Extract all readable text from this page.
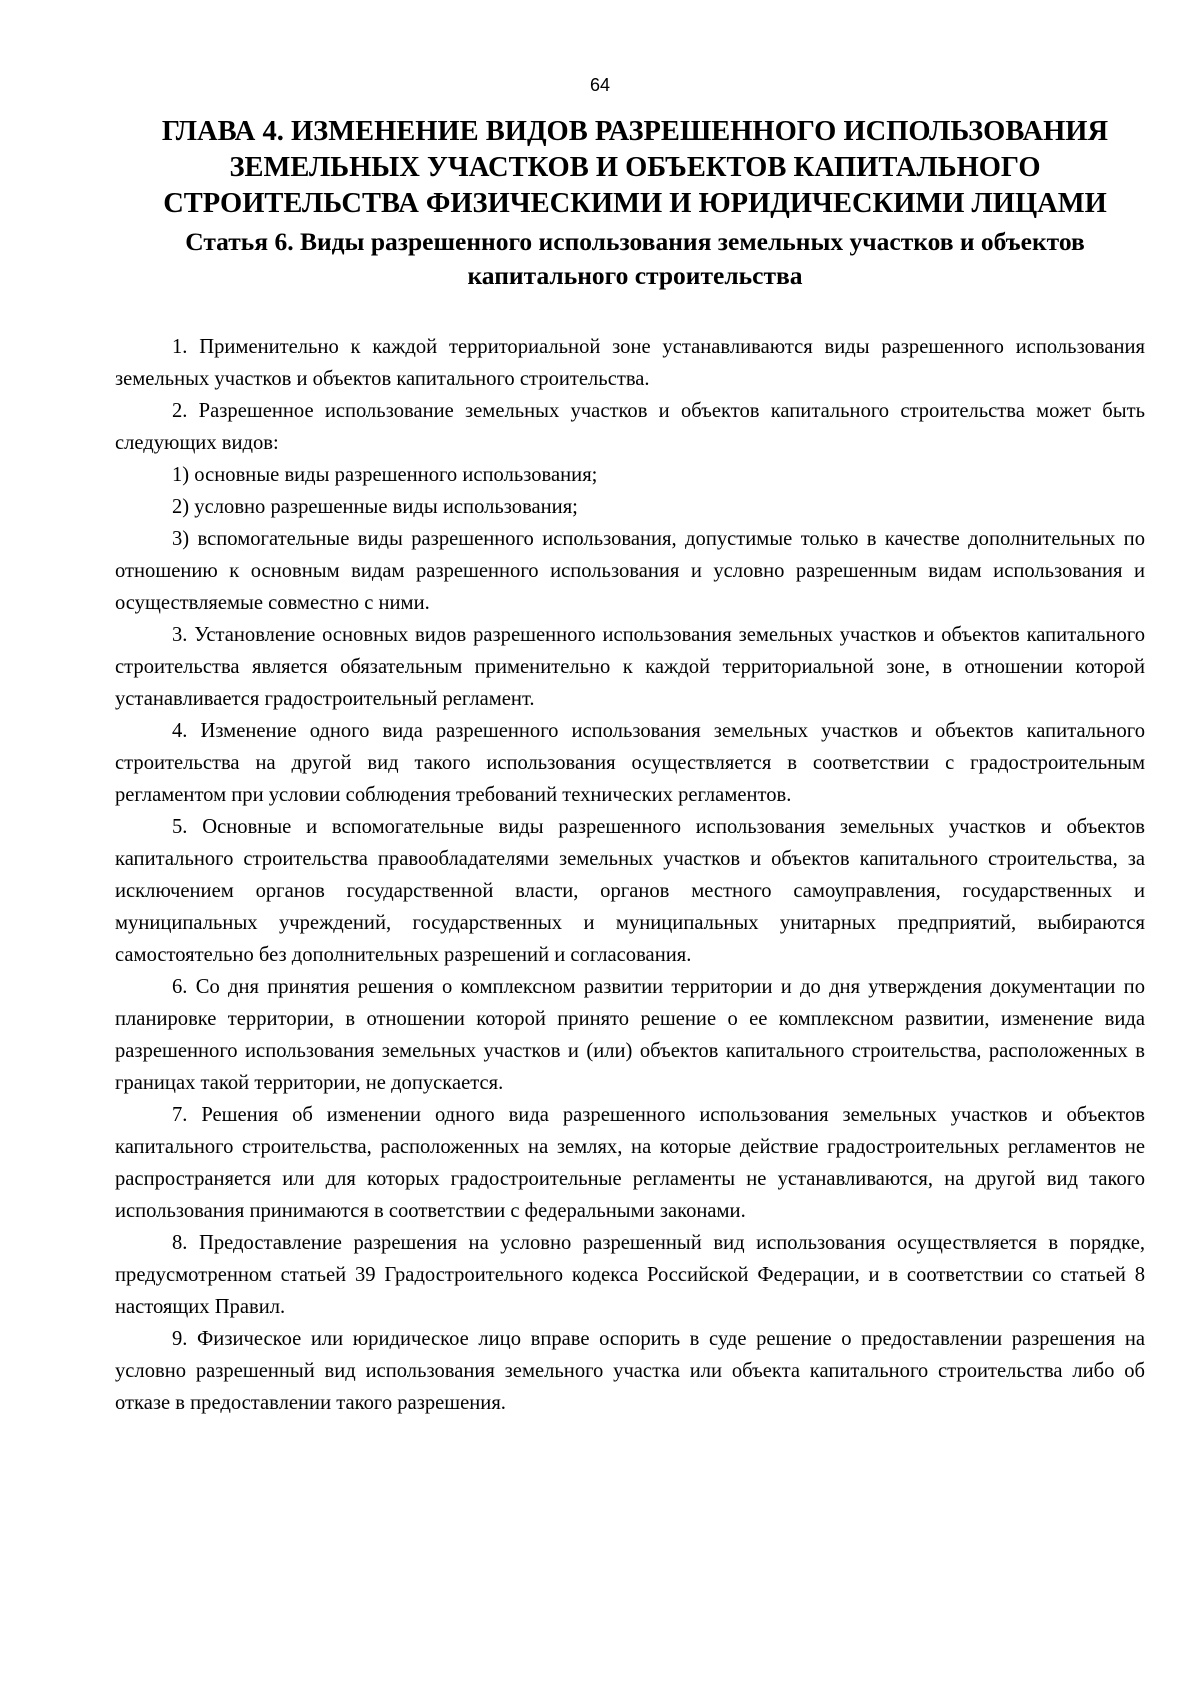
64
ГЛАВА 4. ИЗМЕНЕНИЕ ВИДОВ РАЗРЕШЕННОГО ИСПОЛЬЗОВАНИЯ ЗЕМЕЛЬНЫХ УЧАСТКОВ И ОБЪЕКТОВ КАПИТАЛЬНОГО СТРОИТЕЛЬСТВА ФИЗИЧЕСКИМИ И ЮРИДИЧЕСКИМИ ЛИЦАМИ
Статья 6. Виды разрешенного использования земельных участков и объектов капитального строительства

1. Применительно к каждой территориальной зоне устанавливаются виды разрешенного использования земельных участков и объектов капитального строительства.

2. Разрешенное использование земельных участков и объектов капитального строительства может быть следующих видов:

1) основные виды разрешенного использования;

2) условно разрешенные виды использования;

3) вспомогательные виды разрешенного использования, допустимые только в качестве дополнительных по отношению к основным видам разрешенного использования и условно разрешенным видам использования и осуществляемые совместно с ними.

3. Установление основных видов разрешенного использования земельных участков и объектов капитального строительства является обязательным применительно к каждой территориальной зоне, в отношении которой устанавливается градостроительный регламент.

4. Изменение одного вида разрешенного использования земельных участков и объектов капитального строительства на другой вид такого использования осуществляется в соответствии с градостроительным регламентом при условии соблюдения требований технических регламентов.

5. Основные и вспомогательные виды разрешенного использования земельных участков и объектов капитального строительства правообладателями земельных участков и объектов капитального строительства, за исключением органов государственной власти, органов местного самоуправления, государственных и муниципальных учреждений, государственных и муниципальных унитарных предприятий, выбираются самостоятельно без дополнительных разрешений и согласования.

6. Со дня принятия решения о комплексном развитии территории и до дня утверждения документации по планировке территории, в отношении которой принято решение о ее комплексном развитии, изменение вида разрешенного использования земельных участков и (или) объектов капитального строительства, расположенных в границах такой территории, не допускается.

7. Решения об изменении одного вида разрешенного использования земельных участков и объектов капитального строительства, расположенных на землях, на которые действие градостроительных регламентов не распространяется или для которых градостроительные регламенты не устанавливаются, на другой вид такого использования принимаются в соответствии с федеральными законами.

8. Предоставление разрешения на условно разрешенный вид использования осуществляется в порядке, предусмотренном статьей 39 Градостроительного кодекса Российской Федерации, и в соответствии со статьей 8 настоящих Правил.

9. Физическое или юридическое лицо вправе оспорить в суде решение о предоставлении разрешения на условно разрешенный вид использования земельного участка или объекта капитального строительства либо об отказе в предоставлении такого разрешения.
